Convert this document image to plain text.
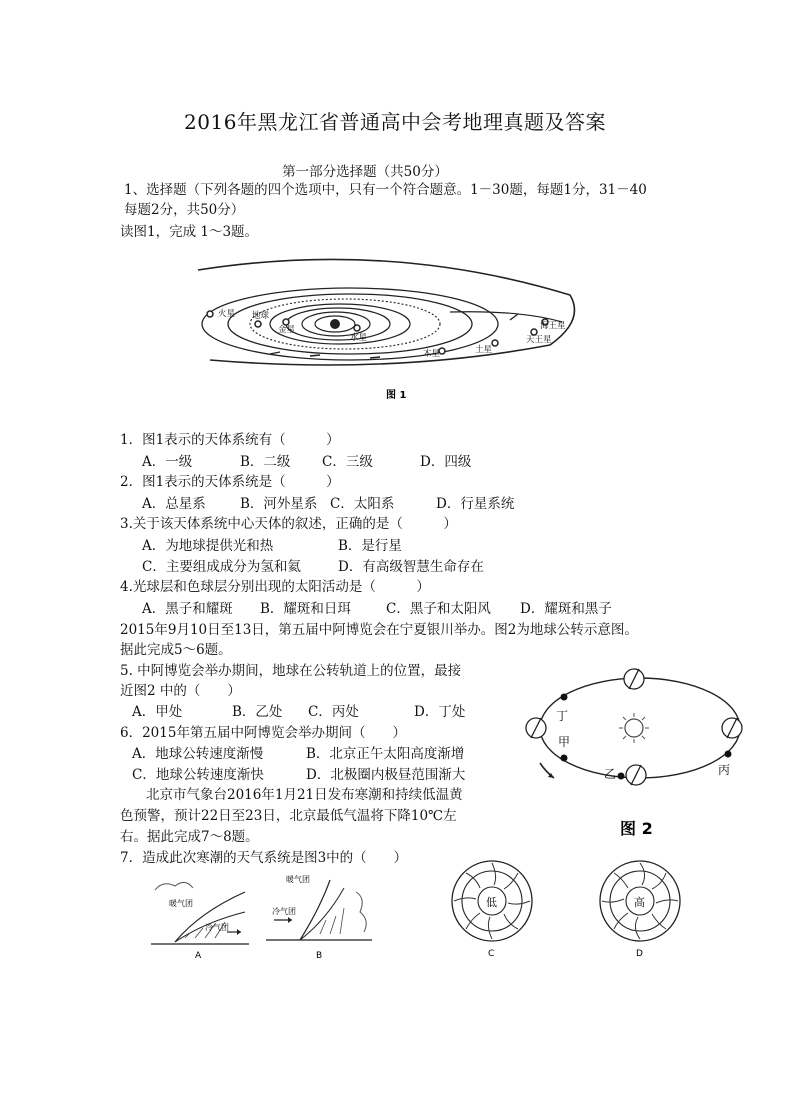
2016年黑龙江省普通高中会考地理真题及答案
第一部分选择题（共50分）
1、选择题（下列各题的四个选项中，只有一个符合题意。1－30题，每题1分，31－40
每题2分，共50分）
读图1，完成 1～3题。
火星 地球
金星
水星
木星	土星
天王星
海王星
图 1
1．图1表示的天体系统有（　　　）
A．一级	B．二级 C．三级	D．四级
2．图1表示的天体系统是（　　　）
A．总星系	B．河外星系 C．太阳系	D．行星系统
3.关于该天体系统中心天体的叙述，正确的是（　　　）
A．为地球提供光和热	B．是行星
C．主要组成成分为氢和氦	D．有高级智慧生命存在
4.光球层和色球层分别出现的太阳活动是（　　　）
A．黑子和耀斑 B．耀斑和日珥	C．黑子和太阳风 D．耀斑和黑子
2015年9月10日至13日，第五届中阿博览会在宁夏银川举办。图2为地球公转示意图。
据此完成5～6题。
5. 中阿博览会举办期间，地球在公转轨道上的位置，最接
近图2 中的（　　）
A．甲处	B．乙处 C．丙处	D．丁处
6．2015年第五届中阿博览会举办期间（　　）
A．地球公转速度渐慢	B．北京正午太阳高度渐增
C．地球公转速度渐快	D．北极圈内极昼范围渐大
北京市气象台2016年1月21日发布寒潮和持续低温黄
色预警，预计22日至23日，北京最低气温将下降10℃左
右。据此完成7～8题。
7．造成此次寒潮的天气系统是图3中的（　　）
丁
甲
乙	丙
图 2
暖气团
冷气团
A
暖气团
冷气团
B
低
C
高
D
